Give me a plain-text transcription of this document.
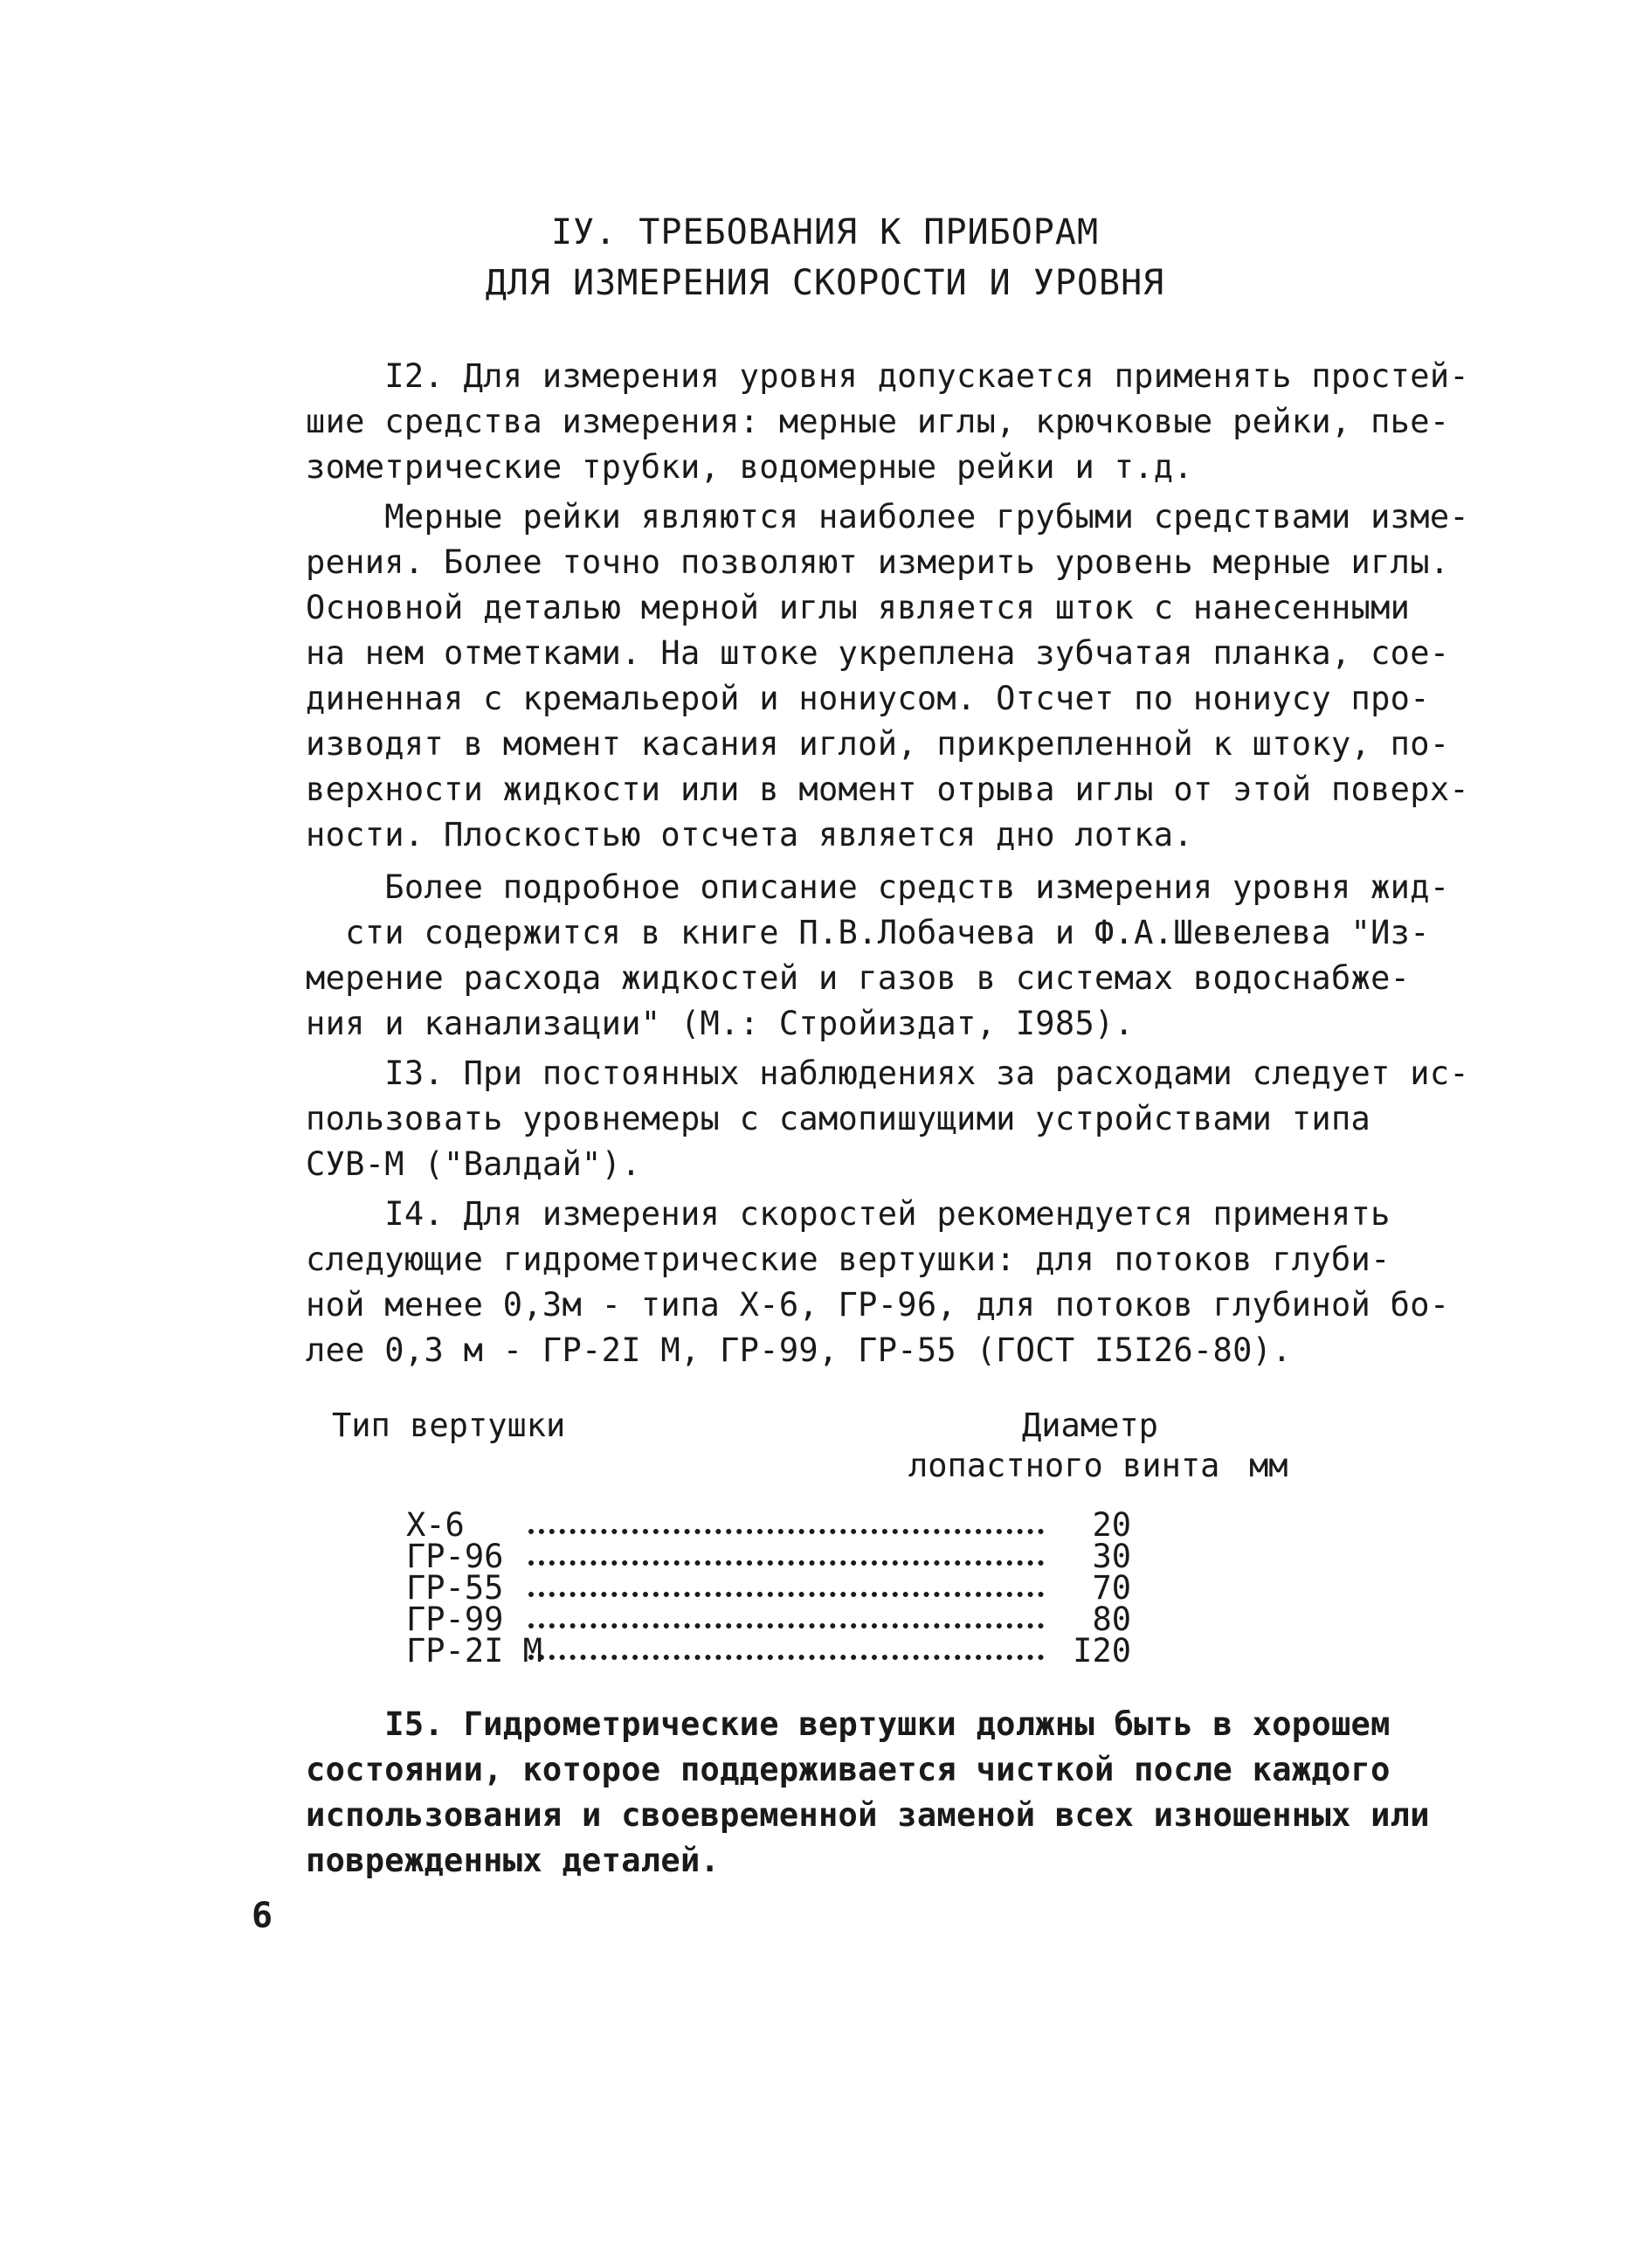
IУ. ТРЕБОВАНИЯ К ПРИБОРАМ
ДЛЯ ИЗМЕРЕНИЯ СКОРОСТИ И УРОВНЯ
I2. Для измерения уровня допускается применять простей-
шие средства измерения: мерные иглы, крючковые рейки, пье-
зометрические трубки, водомерные рейки и т.д.
Мерные рейки являются наиболее грубыми средствами изме-
рения. Более точно позволяют измерить уровень мерные иглы.
Основной деталью мерной иглы является шток с нанесенными
на нем отметками. На штоке укреплена зубчатая планка, сое-
диненная с кремальерой и нониусом. Отсчет по нониусу про-
изводят в момент касания иглой, прикрепленной к штоку, по-
верхности жидкости или в момент отрыва иглы от этой поверх-
ности. Плоскостью отсчета является дно лотка.
Более подробное описание средств измерения уровня жид-
сти содержится в книге П.В.Лобачева и Ф.А.Шевелева "Из-
мерение расхода жидкостей и газов в системах водоснабже-
ния и канализации" (М.: Стройиздат, I985).
I3. При постоянных наблюдениях за расходами следует ис-
пользовать уровнемеры с самопишущими устройствами типа
СУВ-М ("Валдай").
I4. Для измерения скоростей рекомендуется применять
следующие гидрометрические вертушки: для потоков глуби-
ной менее 0,3м - типа Х-6, ГР-96, для потоков глубиной бо-
лее 0,3 м - ГР-2I М, ГР-99, ГР-55 (ГОСТ I5I26-80).
Тип вертушки	Диаметр
лопастного винта мм
Х-6	20
ГР-96	30
ГР-55	70
ГР-99	80
ГР-2I М	I20
I5. Гидрометрические вертушки должны быть в хорошем
состоянии, которое поддерживается чисткой после каждого
использования и своевременной заменой всех изношенных или
поврежденных деталей.
6
